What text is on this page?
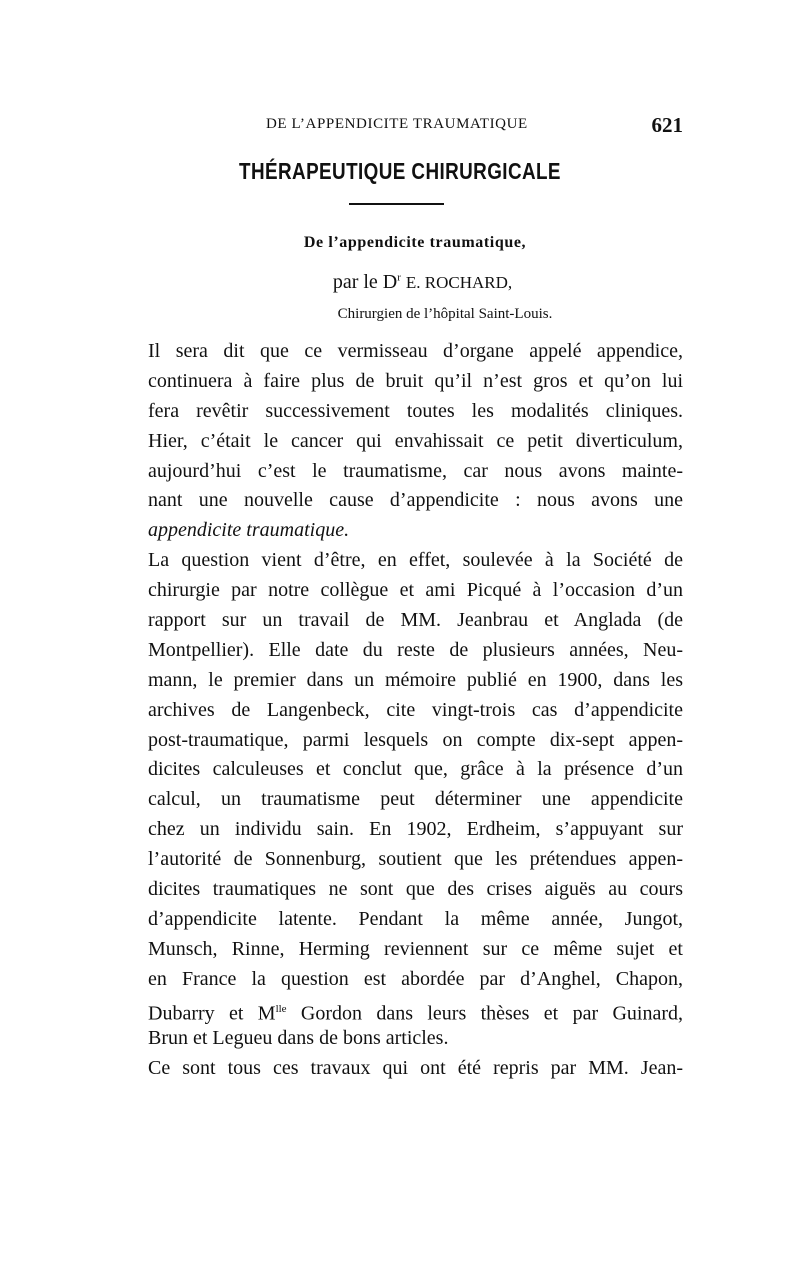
DE L’APPENDICITE TRAUMATIQUE	621
THÉRAPEUTIQUE CHIRURGICALE
De l’appendicite traumatique,
par le $D^r$ E. ROCHARD,
Chirurgien de l’hôpital Saint-Louis.
Il sera dit que ce vermisseau d’organe appelé appendice,
continuera à faire plus de bruit qu’il n’est gros et qu’on lui
fera revêtir successivement toutes les modalités cliniques.
Hier, c’était le cancer qui envahissait ce petit diverticulum,
aujourd’hui c’est le traumatisme, car nous avons mainte-
nant une nouvelle cause d’appendicite : nous avons une
appendicite traumatique.
La question vient d’être, en effet, soulevée à la Société de
chirurgie par notre collègue et ami Picqué à l’occasion d’un
rapport sur un travail de MM. Jeanbrau et Anglada (de
Montpellier). Elle date du reste de plusieurs années, Neu-
mann, le premier dans un mémoire publié en 1900, dans les
archives de Langenbeck, cite vingt-trois cas d’appendicite
post-traumatique, parmi lesquels on compte dix-sept appen-
dicites calculeuses et conclut que, grâce à la présence d’un
calcul, un traumatisme peut déterminer une appendicite
chez un individu sain. En 1902, Erdheim, s’appuyant sur
l’autorité de Sonnenburg, soutient que les prétendues appen-
dicites traumatiques ne sont que des crises aiguës au cours
d’appendicite latente. Pendant la même année, Jungot,
Munsch, Rinne, Herming reviennent sur ce même sujet et
en France la question est abordée par d’Anghel, Chapon,
Dubarry et $M^{lle}$ Gordon dans leurs thèses et par Guinard,
Brun et Legueu dans de bons articles.
Ce sont tous ces travaux qui ont été repris par MM. Jean-
